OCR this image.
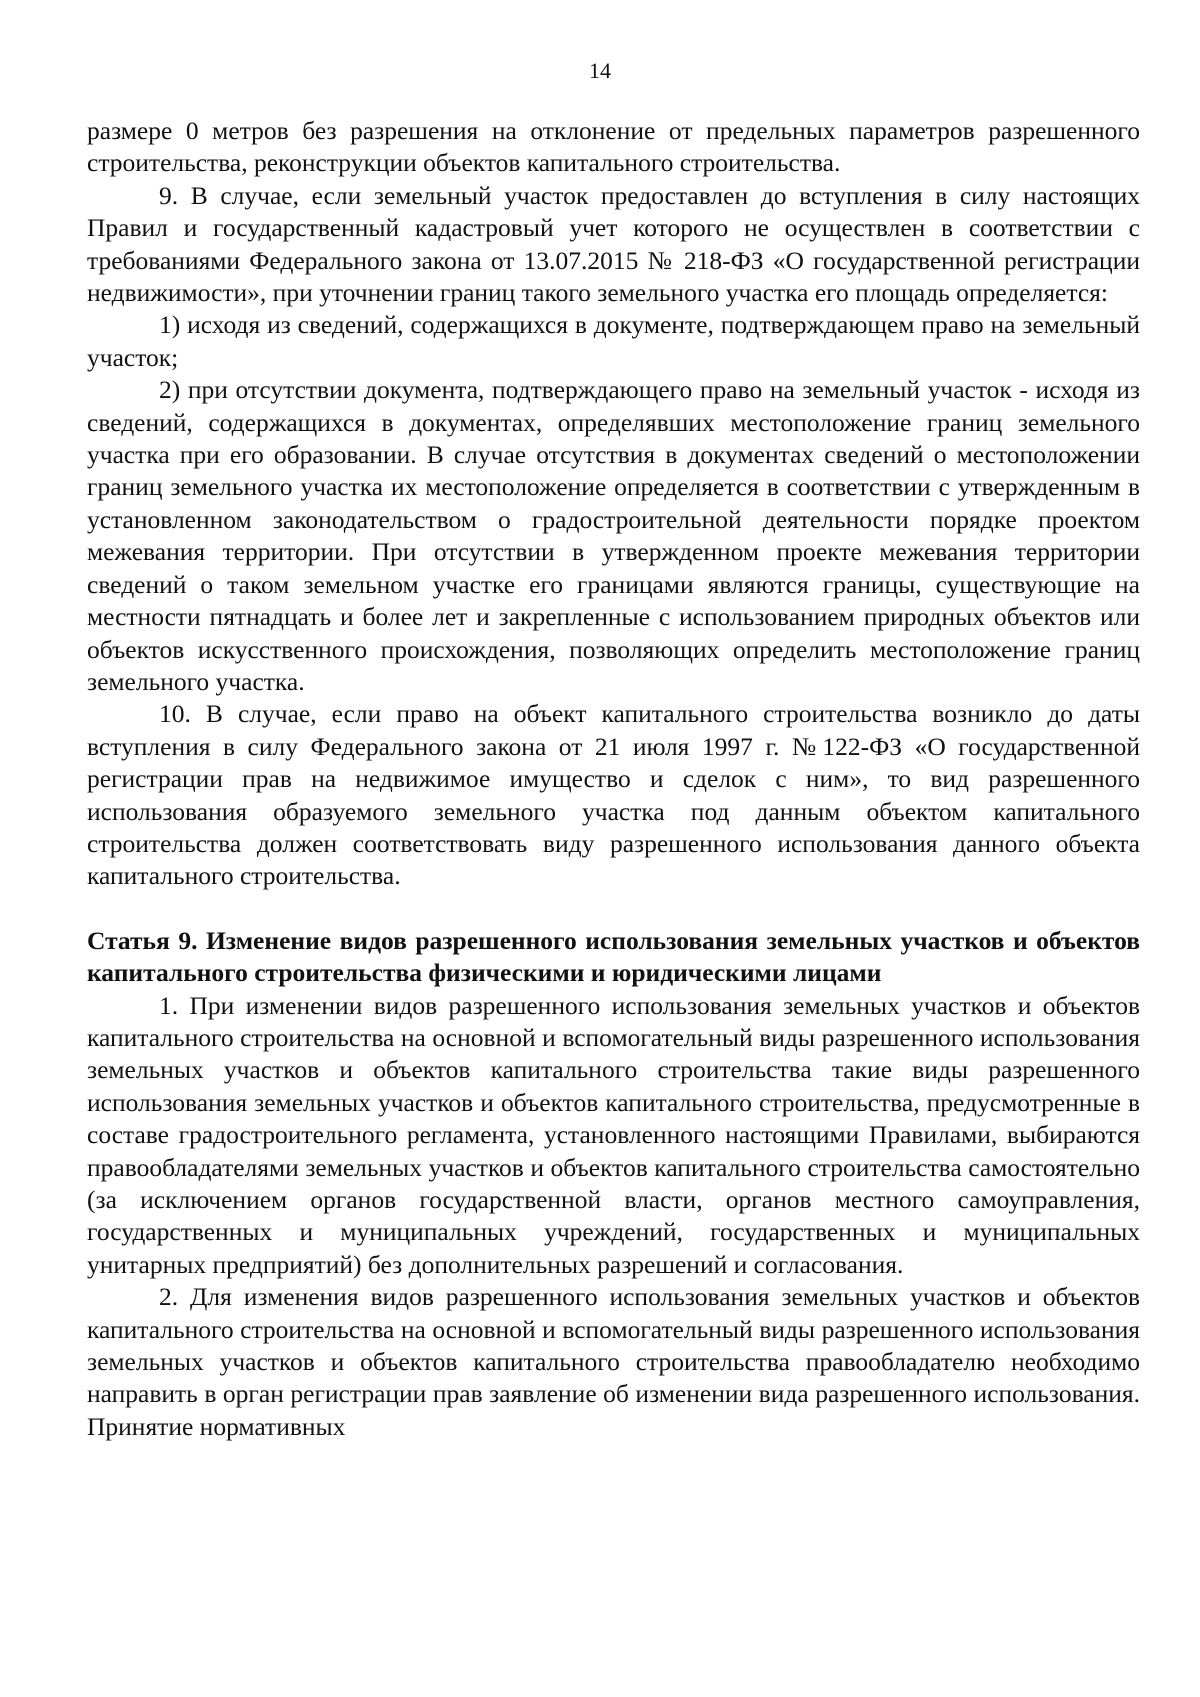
14

размере 0 метров без разрешения на отклонение от предельных параметров разрешенного строительства, реконструкции объектов капитального строительства.

9. В случае, если земельный участок предоставлен до вступления в силу настоящих Правил и государственный кадастровый учет которого не осуществлен в соответствии с требованиями Федерального закона от 13.07.2015 № 218-ФЗ «О государственной регистрации недвижимости», при уточнении границ такого земельного участка его площадь определяется:

1) исходя из сведений, содержащихся в документе, подтверждающем право на земельный участок;

2) при отсутствии документа, подтверждающего право на земельный участок - исходя из сведений, содержащихся в документах, определявших местоположение границ земельного участка при его образовании. В случае отсутствия в документах сведений о местоположении границ земельного участка их местоположение определяется в соответствии с утвержденным в установленном законодательством о градостроительной деятельности порядке проектом межевания территории. При отсутствии в утвержденном проекте межевания территории сведений о таком земельном участке его границами являются границы, существующие на местности пятнадцать и более лет и закрепленные с использованием природных объектов или объектов искусственного происхождения, позволяющих определить местоположение границ земельного участка.

10. В случае, если право на объект капитального строительства возникло до даты вступления в силу Федерального закона от 21 июля 1997 г. №122-ФЗ «О государственной регистрации прав на недвижимое имущество и сделок с ним», то вид разрешенного использования образуемого земельного участка под данным объектом капитального строительства должен соответствовать виду разрешенного использования данного объекта капитального строительства.

Статья 9. Изменение видов разрешенного использования земельных участков и объектов капитального строительства физическими и юридическими лицами

1. При изменении видов разрешенного использования земельных участков и объектов капитального строительства на основной и вспомогательный виды разрешенного использования земельных участков и объектов капитального строительства такие виды разрешенного использования земельных участков и объектов капитального строительства, предусмотренные в составе градостроительного регламента, установленного настоящими Правилами, выбираются правообладателями земельных участков и объектов капитального строительства самостоятельно (за исключением органов государственной власти, органов местного самоуправления, государственных и муниципальных учреждений, государственных и муниципальных унитарных предприятий) без дополнительных разрешений и согласования.

2. Для изменения видов разрешенного использования земельных участков и объектов капитального строительства на основной и вспомогательный виды разрешенного использования земельных участков и объектов капитального строительства правообладателю необходимо направить в орган регистрации прав заявление об изменении вида разрешенного использования. Принятие нормативных
